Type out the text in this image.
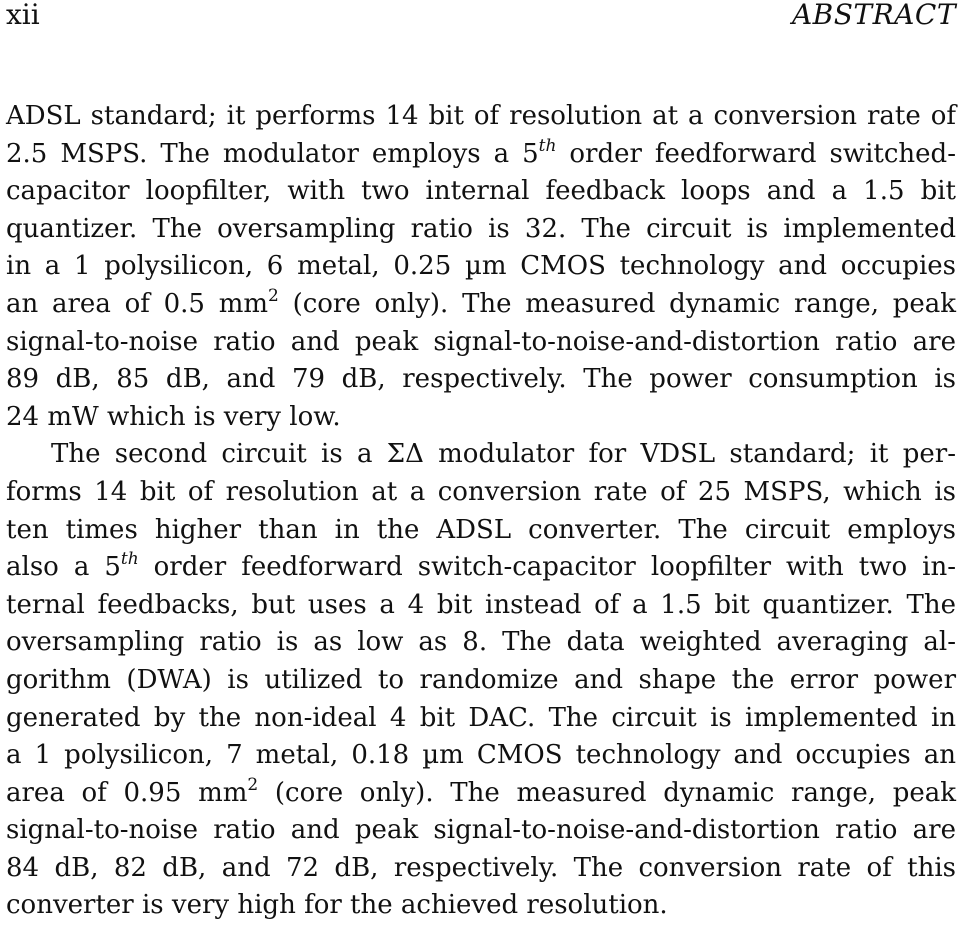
xii	ABSTRACT
ADSL standard; it performs 14 bit of resolution at a conversion rate of
2.5 MSPS. The modulator employs a 5th order feedforward switched-
capacitor loopfilter, with two internal feedback loops and a 1.5 bit
quantizer. The oversampling ratio is 32. The circuit is implemented
in a 1 polysilicon, 6 metal, 0.25 µm CMOS technology and occupies
an area of 0.5 $mm^2$ (core only). The measured dynamic range, peak
signal-to-noise ratio and peak signal-to-noise-and-distortion ratio are
89 dB, 85 dB, and 79 dB, respectively. The power consumption is
24 mW which is very low.
The second circuit is a ΣΔ modulator for VDSL standard; it per-
forms 14 bit of resolution at a conversion rate of 25 MSPS, which is
ten times higher than in the ADSL converter. The circuit employs
also a 5th order feedforward switch-capacitor loopfilter with two in-
ternal feedbacks, but uses a 4 bit instead of a 1.5 bit quantizer. The
oversampling ratio is as low as 8. The data weighted averaging al-
gorithm (DWA) is utilized to randomize and shape the error power
generated by the non-ideal 4 bit DAC. The circuit is implemented in
a 1 polysilicon, 7 metal, 0.18 µm CMOS technology and occupies an
area of 0.95 $mm^2$ (core only). The measured dynamic range, peak
signal-to-noise ratio and peak signal-to-noise-and-distortion ratio are
84 dB, 82 dB, and 72 dB, respectively. The conversion rate of this
converter is very high for the achieved resolution.
